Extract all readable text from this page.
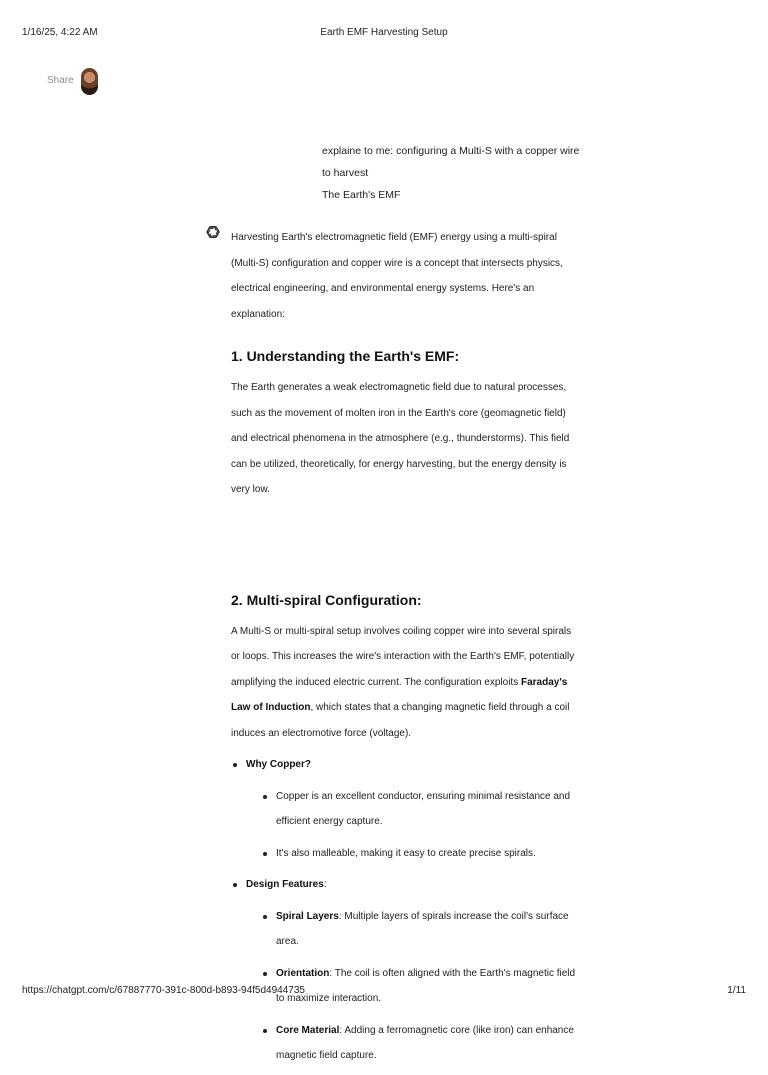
1/16/25, 4:22 AM	Earth EMF Harvesting Setup
Share
explaine to me: configuring a Multi-S with a copper wire to harvest
The Earth's EMF

Harvesting Earth's electromagnetic field (EMF) energy using a multi-spiral (Multi-S) configuration and copper wire is a concept that intersects physics, electrical engineering, and environmental energy systems. Here's an explanation:

1. Understanding the Earth's EMF:

The Earth generates a weak electromagnetic field due to natural processes, such as the movement of molten iron in the Earth's core (geomagnetic field) and electrical phenomena in the atmosphere (e.g., thunderstorms). This field can be utilized, theoretically, for energy harvesting, but the energy density is very low.

2. Multi-spiral Configuration:

A Multi-S or multi-spiral setup involves coiling copper wire into several spirals or loops. This increases the wire's interaction with the Earth's EMF, potentially amplifying the induced electric current. The configuration exploits Faraday's Law of Induction, which states that a changing magnetic field through a coil induces an electromotive force (voltage).

Why Copper?
Copper is an excellent conductor, ensuring minimal resistance and efficient energy capture.
It's also malleable, making it easy to create precise spirals.
Design Features:
Spiral Layers: Multiple layers of spirals increase the coil's surface area.
Orientation: The coil is often aligned with the Earth's magnetic field to maximize interaction.
Core Material: Adding a ferromagnetic core (like iron) can enhance magnetic field capture.
https://chatgpt.com/c/67887770-391c-800d-b893-94f5d4944735	1/11
